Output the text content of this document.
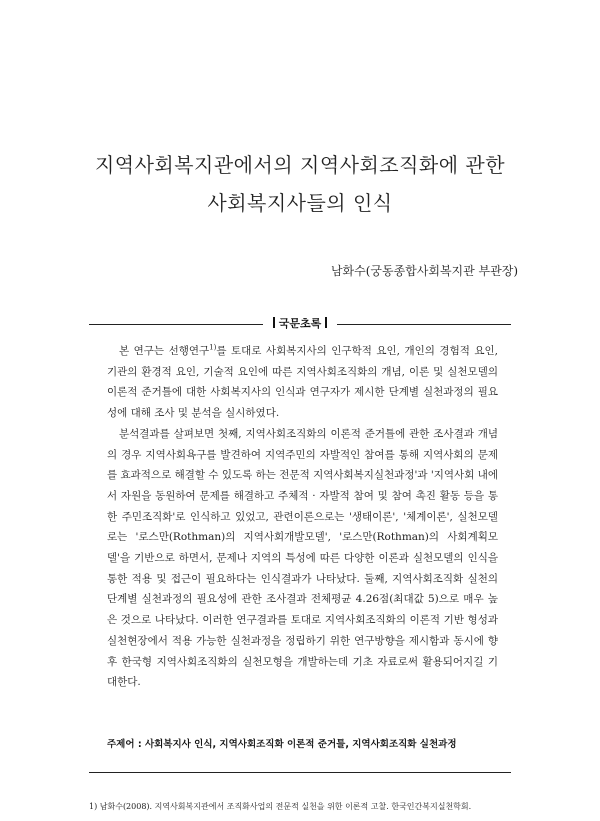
지역사회복지관에서의 지역사회조직화에 관한
사회복지사들의 인식
남화수(궁동종합사회복지관 부관장)
국문초록

본 연구는 선행연구$^{1)}$를 토대로 사회복지사의 인구학적 요인, 개인의 경험적 요인, 기관의 환경적 요인, 기술적 요인에 따른 지역사회조직화의 개념, 이론 및 실천모델의 이론적 준거틀에 대한 사회복지사의 인식과 연구자가 제시한 단계별 실천과정의 필요성에 대해 조사 및 분석을 실시하였다.

분석결과를 살펴보면 첫째, 지역사회조직화의 이론적 준거틀에 관한 조사결과 개념의 경우 지역사회욕구를 발견하여 지역주민의 자발적인 참여를 통해 지역사회의 문제를 효과적으로 해결할 수 있도록 하는 전문적 지역사회복지실천과정'과 '지역사회 내에서 자원을 동원하여 문제를 해결하고 주체적 · 자발적 참여 및 참여 촉진 활동 등을 통한 주민조직화'로 인식하고 있었고, 관련이론으로는 '생태이론', '체계이론', 실천모델로는 '로스만(Rothman)의 지역사회개발모델', '로스만(Rothman)의 사회계획모델'을 기반으로 하면서, 문제나 지역의 특성에 따른 다양한 이론과 실천모델의 인식을 통한 적용 및 접근이 필요하다는 인식결과가 나타났다. 둘째, 지역사회조직화 실천의 단계별 실천과정의 필요성에 관한 조사결과 전체평균 4.26점(최대값 5)으로 매우 높은 것으로 나타났다. 이러한 연구결과를 토대로 지역사회조직화의 이론적 기반 형성과 실천현장에서 적용 가능한 실천과정을 정립하기 위한 연구방향을 제시함과 동시에 향후 한국형 지역사회조직화의 실천모형을 개발하는데 기초 자료로써 활용되어지길 기대한다.

주제어 : 사회복지사 인식, 지역사회조직화 이론적 준거틀, 지역사회조직화 실천과정
1) 남화수(2008). 지역사회복지관에서 조직화사업의 전문적 실천을 위한 이론적 고찰. 한국인간복지실천학회.
